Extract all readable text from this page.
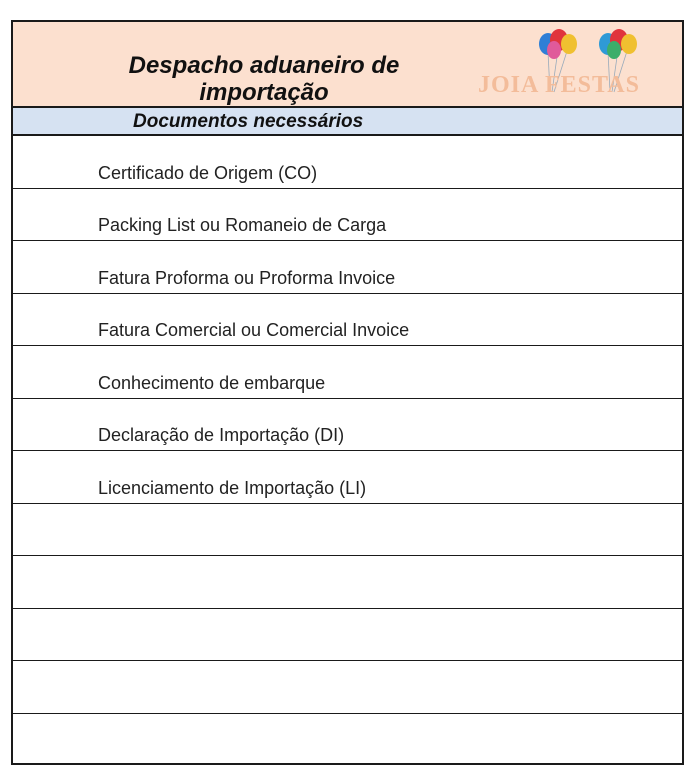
Despacho aduaneiro de
importação	JOIA FESTAS
Documentos necessários
Certificado de Origem (CO)
Packing List ou Romaneio de Carga
Fatura Proforma ou Proforma Invoice
Fatura Comercial ou Comercial Invoice
Conhecimento de embarque
Declaração de Importação (DI)
Licenciamento de Importação (LI)
